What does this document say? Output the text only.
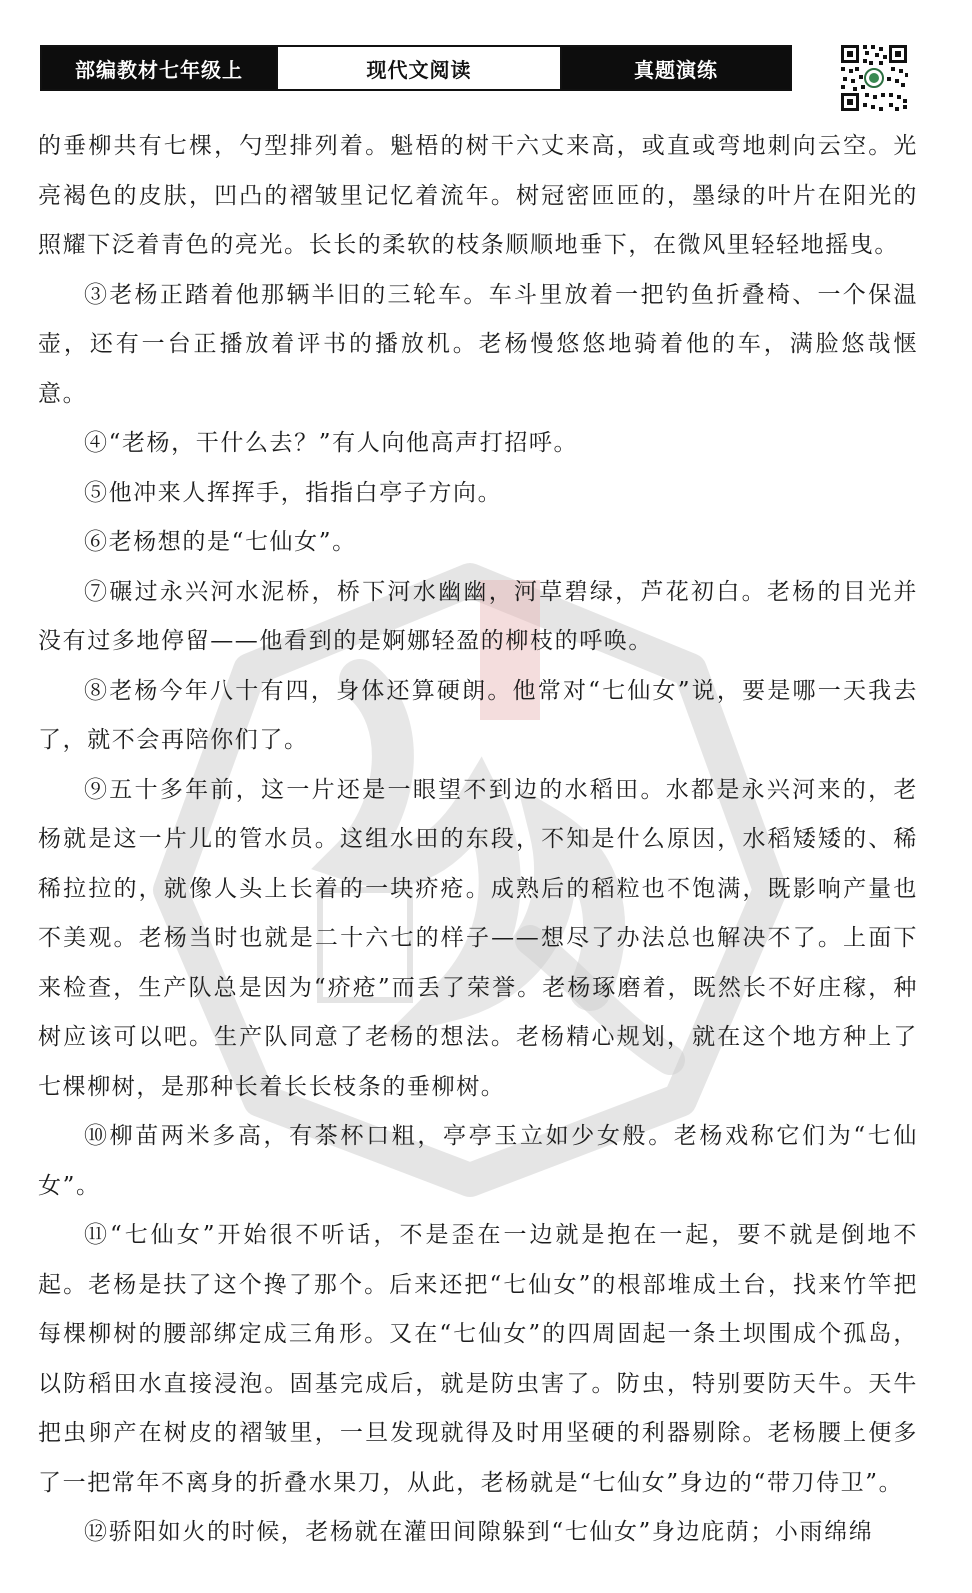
部编教材七年级上	现代文阅读	真题演练

的垂柳共有七棵，勺型排列着。魁梧的树干六丈来高，或直或弯地刺向云空。光亮褐色的皮肤，凹凸的褶皱里记忆着流年。树冠密匝匝的，墨绿的叶片在阳光的照耀下泛着青色的亮光。长长的柔软的枝条顺顺地垂下，在微风里轻轻地摇曳。

③老杨正踏着他那辆半旧的三轮车。车斗里放着一把钓鱼折叠椅、一个保温壶，还有一台正播放着评书的播放机。老杨慢悠悠地骑着他的车，满脸悠哉惬意。

④“老杨，干什么去？”有人向他高声打招呼。

⑤他冲来人挥挥手，指指白亭子方向。

⑥老杨想的是“七仙女”。

⑦碾过永兴河水泥桥，桥下河水幽幽，河草碧绿，芦花初白。老杨的目光并没有过多地停留——他看到的是婀娜轻盈的柳枝的呼唤。

⑧老杨今年八十有四，身体还算硬朗。他常对“七仙女”说，要是哪一天我去了，就不会再陪你们了。

⑨五十多年前，这一片还是一眼望不到边的水稻田。水都是永兴河来的，老杨就是这一片儿的管水员。这组水田的东段，不知是什么原因，水稻矮矮的、稀稀拉拉的，就像人头上长着的一块疥疮。成熟后的稻粒也不饱满，既影响产量也不美观。老杨当时也就是二十六七的样子——想尽了办法总也解决不了。上面下来检查，生产队总是因为“疥疮”而丢了荣誉。老杨琢磨着，既然长不好庄稼，种树应该可以吧。生产队同意了老杨的想法。老杨精心规划，就在这个地方种上了七棵柳树，是那种长着长长枝条的垂柳树。

⑩柳苗两米多高，有茶杯口粗，亭亭玉立如少女般。老杨戏称它们为“七仙女”。

⑪“七仙女”开始很不听话，不是歪在一边就是抱在一起，要不就是倒地不起。老杨是扶了这个搀了那个。后来还把“七仙女”的根部堆成土台，找来竹竿把每棵柳树的腰部绑定成三角形。又在“七仙女”的四周固起一条土坝围成个孤岛，以防稻田水直接浸泡。固基完成后，就是防虫害了。防虫，特别要防天牛。天牛把虫卵产在树皮的褶皱里，一旦发现就得及时用坚硬的利器剔除。老杨腰上便多了一把常年不离身的折叠水果刀，从此，老杨就是“七仙女”身边的“带刀侍卫”。

⑫骄阳如火的时候，老杨就在灌田间隙躲到“七仙女”身边庇荫；小雨绵绵
